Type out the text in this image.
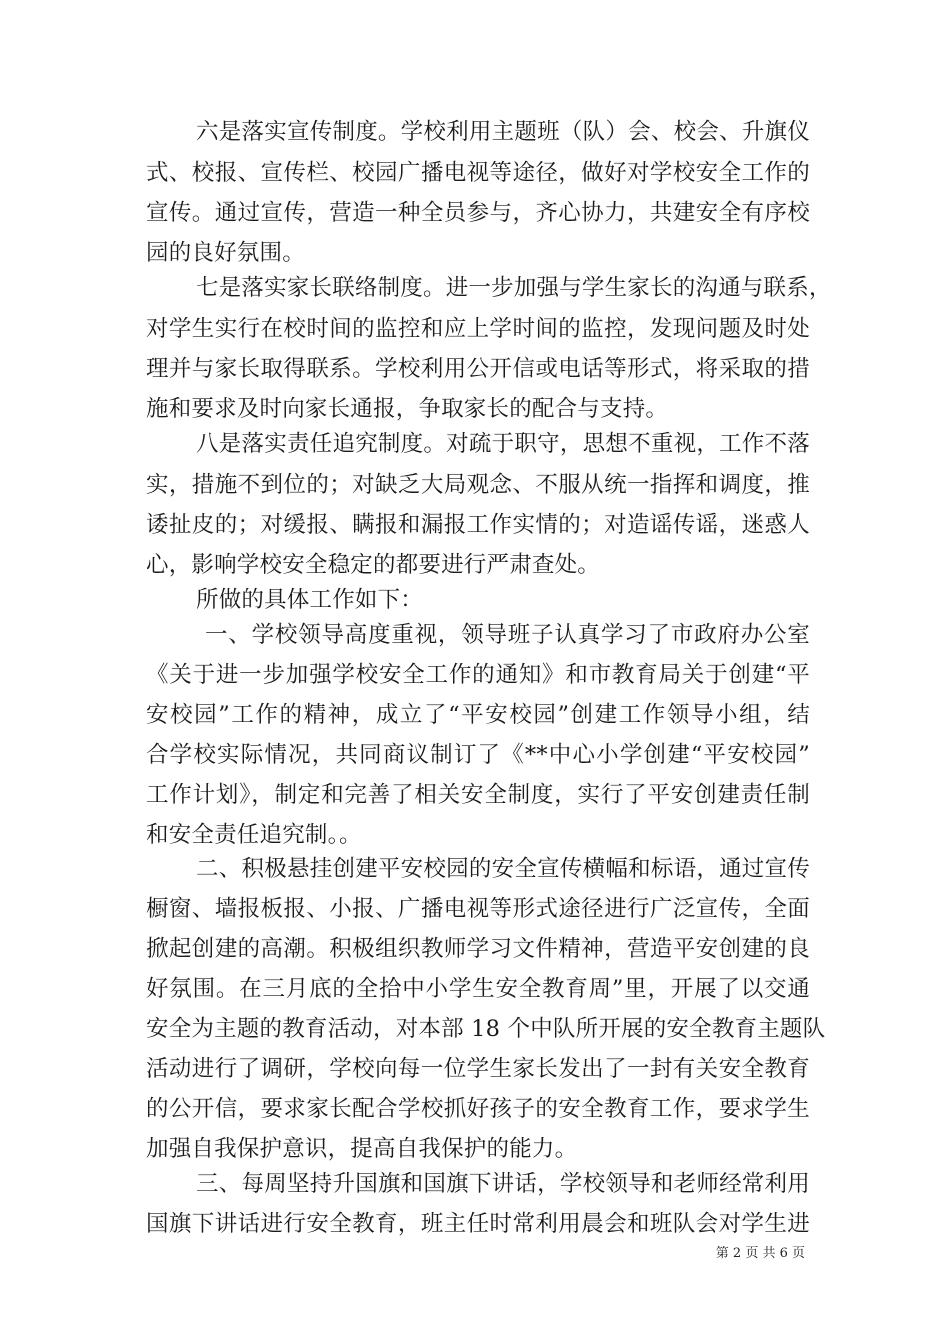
六是落实宣传制度。学校利用主题班（队）会、校会、升旗仪
式、校报、宣传栏、校园广播电视等途径，做好对学校安全工作的
宣传。通过宣传，营造一种全员参与，齐心协力，共建安全有序校
园的良好氛围。
七是落实家长联络制度。进一步加强与学生家长的沟通与联系，
对学生实行在校时间的监控和应上学时间的监控，发现问题及时处
理并与家长取得联系。学校利用公开信或电话等形式，将采取的措
施和要求及时向家长通报，争取家长的配合与支持。
八是落实责任追究制度。对疏于职守，思想不重视，工作不落
实，措施不到位的；对缺乏大局观念、不服从统一指挥和调度，推
诿扯皮的；对缓报、瞒报和漏报工作实情的；对造谣传谣，迷惑人
心，影响学校安全稳定的都要进行严肃查处。
所做的具体工作如下：
一、学校领导高度重视，领导班子认真学习了市政府办公室
《关于进一步加强学校安全工作的通知》和市教育局关于创建“平
安校园”工作的精神，成立了“平安校园”创建工作领导小组，结
合学校实际情况，共同商议制订了《**中心小学创建“平安校园”
工作计划》，制定和完善了相关安全制度，实行了平安创建责任制
和安全责任追究制。。
二、积极悬挂创建平安校园的安全宣传横幅和标语，通过宣传
橱窗、墙报板报、小报、广播电视等形式途径进行广泛宣传，全面
掀起创建的高潮。积极组织教师学习文件精神，营造平安创建的良
好氛围。在三月底的全拾中小学生安全教育周”里，开展了以交通
安全为主题的教育活动，对本部 18 个中队所开展的安全教育主题队
活动进行了调研，学校向每一位学生家长发出了一封有关安全教育
的公开信，要求家长配合学校抓好孩子的安全教育工作，要求学生
加强自我保护意识，提高自我保护的能力。
三、每周坚持升国旗和国旗下讲话，学校领导和老师经常利用
国旗下讲话进行安全教育，班主任时常利用晨会和班队会对学生进
第 2 页 共 6 页
